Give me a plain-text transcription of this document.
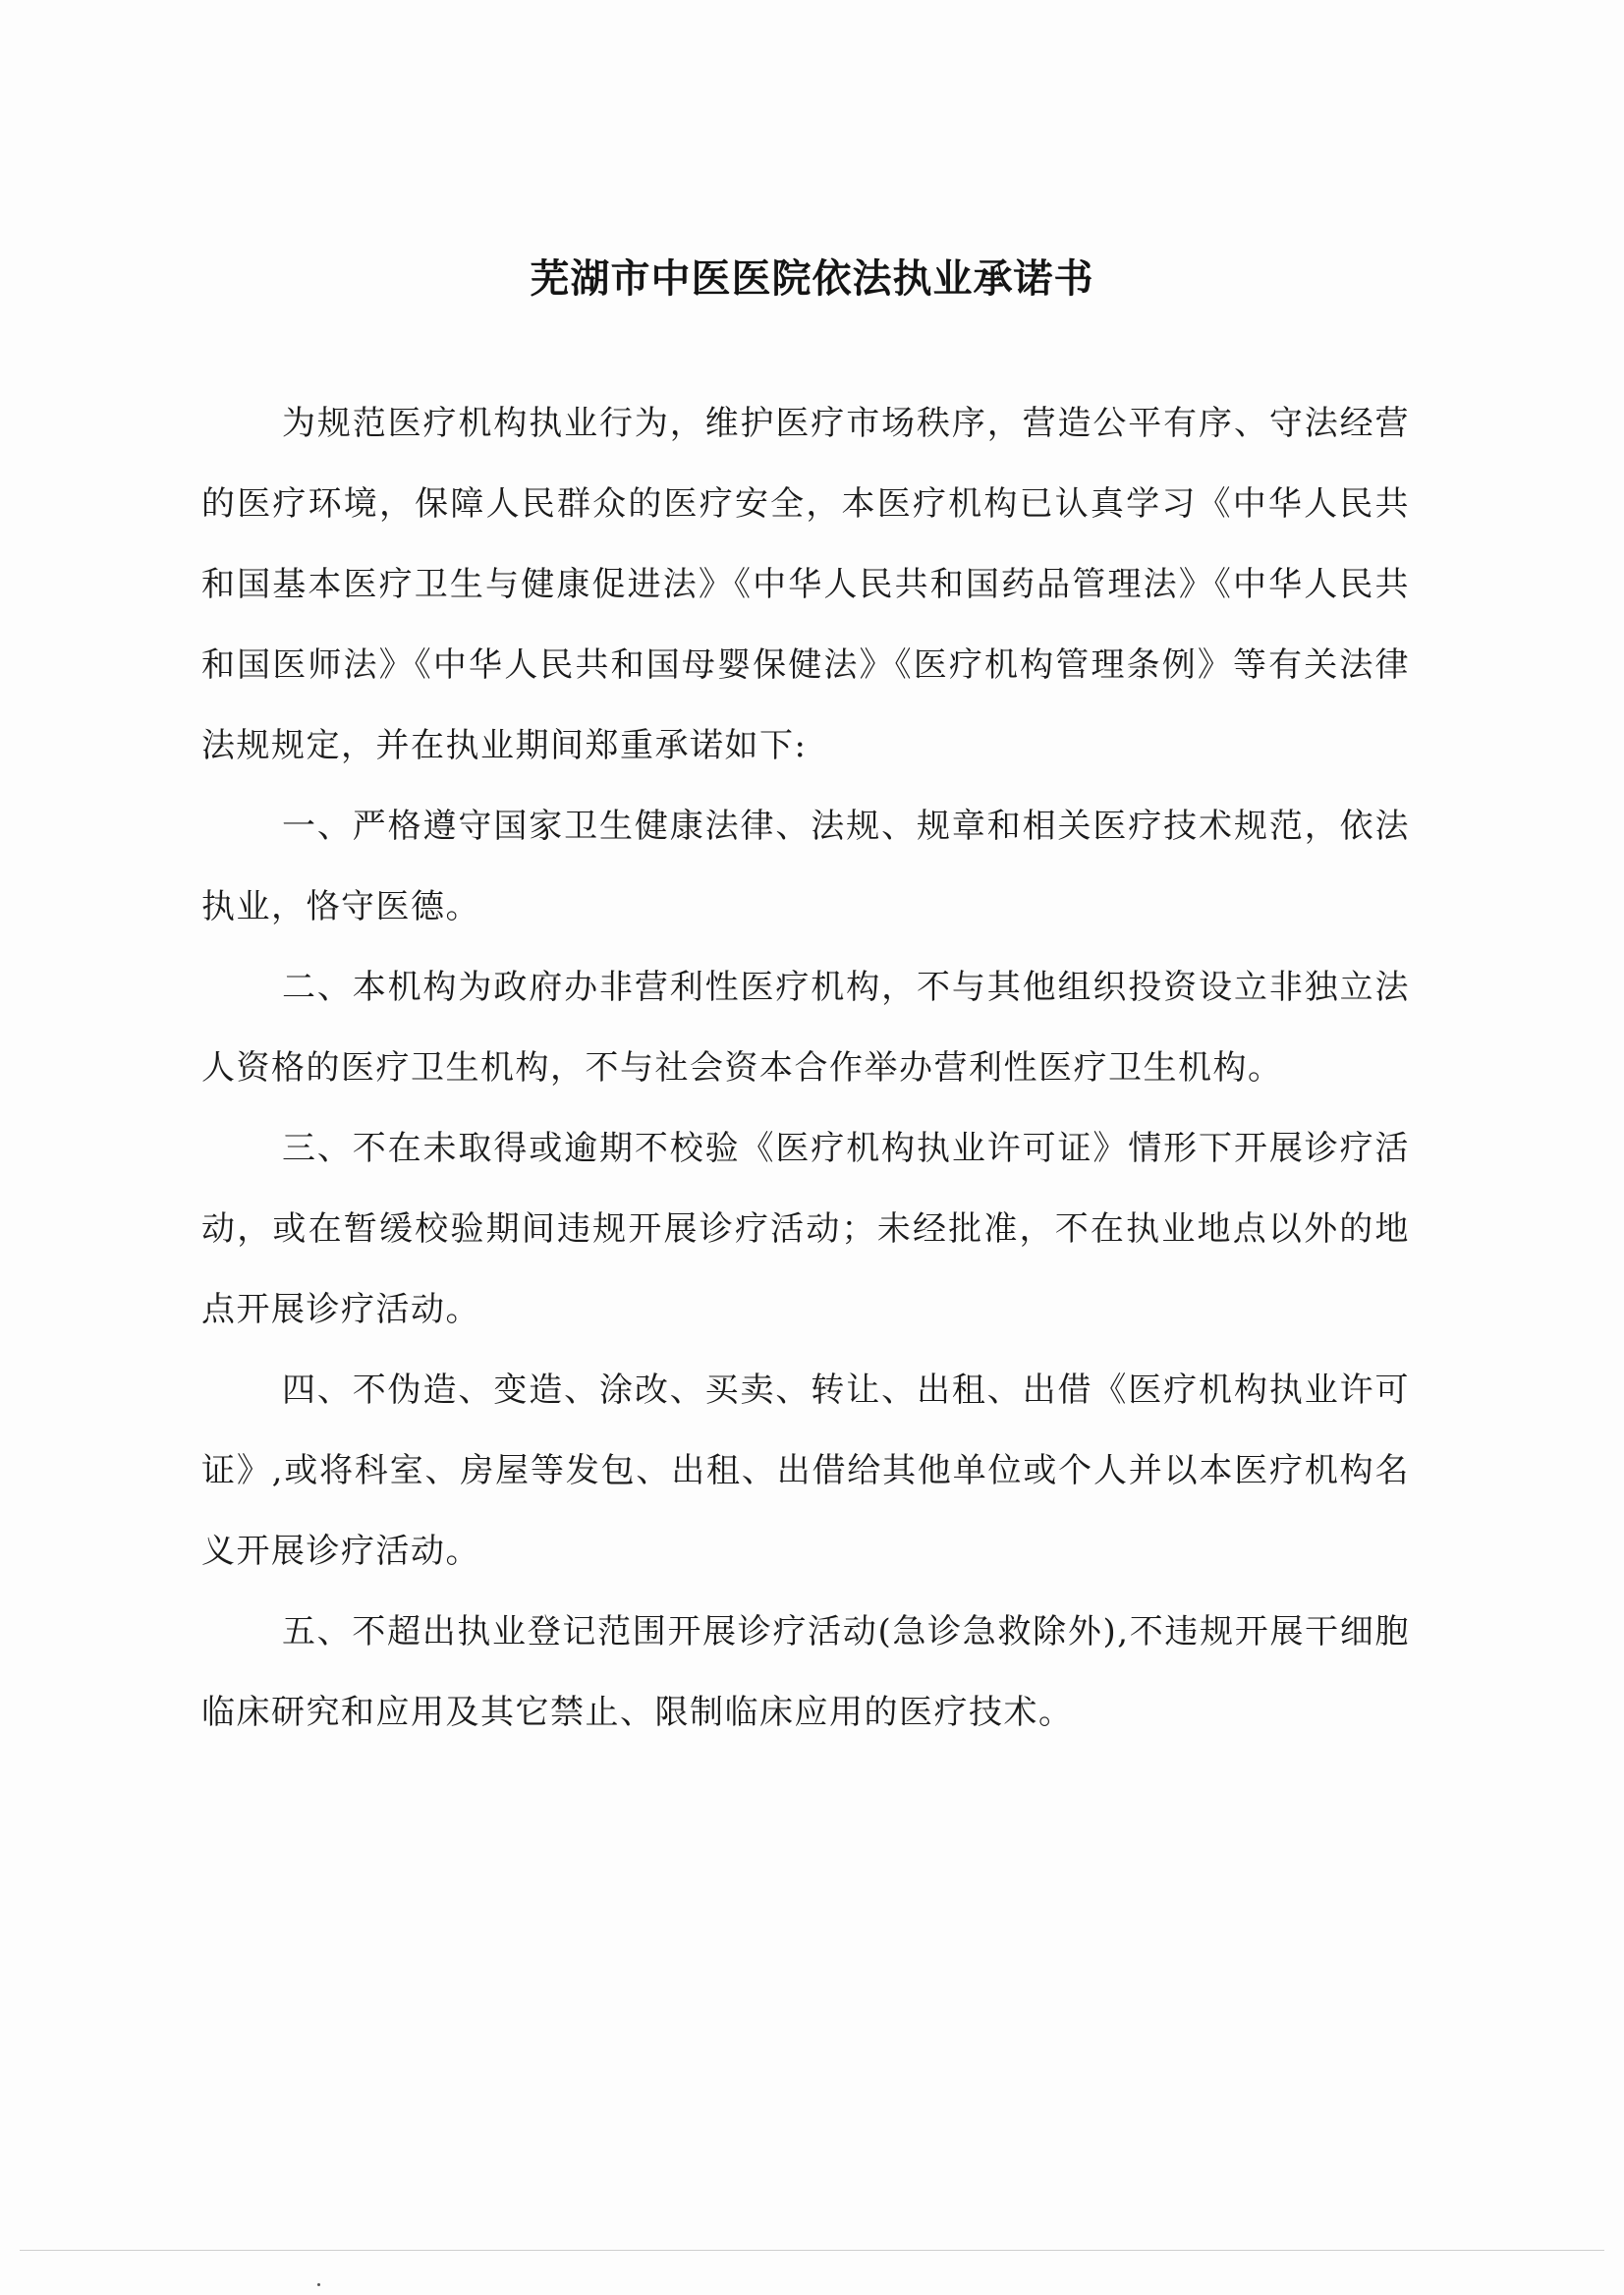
芜湖市中医医院依法执业承诺书

为规范医疗机构执业行为，维护医疗市场秩序，营造公平有序、守法经营的医疗环境，保障人民群众的医疗安全，本医疗机构已认真学习《中华人民共和国基本医疗卫生与健康促进法》《中华人民共和国药品管理法》《中华人民共和国医师法》《中华人民共和国母婴保健法》《医疗机构管理条例》等有关法律法规规定，并在执业期间郑重承诺如下:

一、严格遵守国家卫生健康法律、法规、规章和相关医疗技术规范，依法执业，恪守医德。

二、本机构为政府办非营利性医疗机构，不与其他组织投资设立非独立法人资格的医疗卫生机构，不与社会资本合作举办营利性医疗卫生机构。

三、不在未取得或逾期不校验《医疗机构执业许可证》情形下开展诊疗活动，或在暂缓校验期间违规开展诊疗活动；未经批准，不在执业地点以外的地点开展诊疗活动。

四、不伪造、变造、涂改、买卖、转让、出租、出借《医疗机构执业许可证》,或将科室、房屋等发包、出租、出借给其他单位或个人并以本医疗机构名义开展诊疗活动。

五、不超出执业登记范围开展诊疗活动(急诊急救除外),不违规开展干细胞临床研究和应用及其它禁止、限制临床应用的医疗技术。
